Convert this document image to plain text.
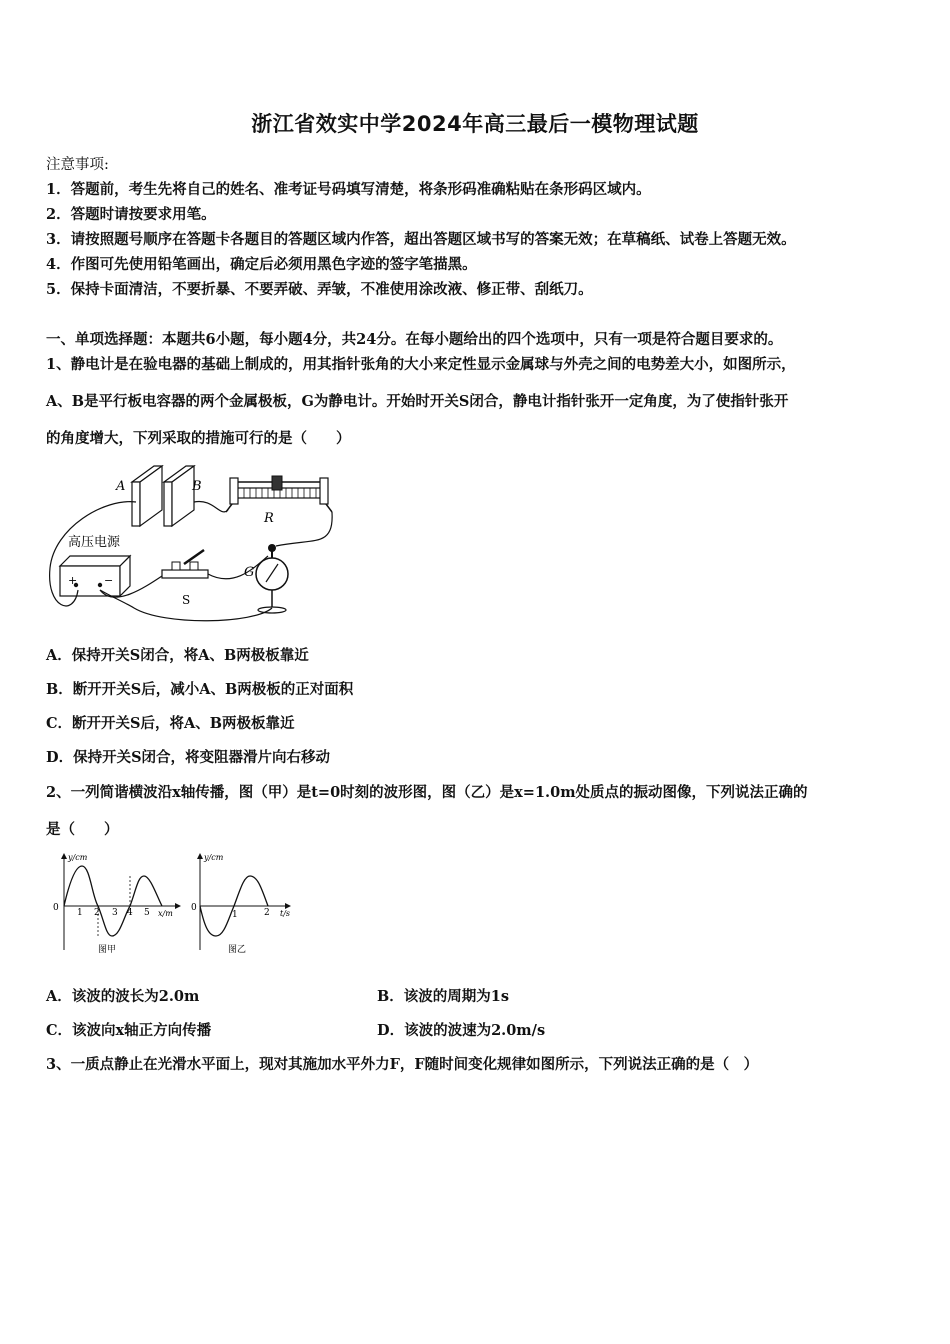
浙江省效实中学2024年高三最后一模物理试题
注意事项:
1．答题前，考生先将自己的姓名、准考证号码填写清楚，将条形码准确粘贴在条形码区域内。
2．答题时请按要求用笔。
3．请按照题号顺序在答题卡各题目的答题区域内作答，超出答题区域书写的答案无效；在草稿纸、试卷上答题无效。
4．作图可先使用铅笔画出，确定后必须用黑色字迹的签字笔描黑。
5．保持卡面清洁，不要折暴、不要弄破、弄皱，不准使用涂改液、修正带、刮纸刀。
一、单项选择题：本题共6小题，每小题4分，共24分。在每小题给出的四个选项中，只有一项是符合题目要求的。
1、静电计是在验电器的基础上制成的，用其指针张角的大小来定性显示金属球与外壳之间的电势差大小，如图所示，
A、B是平行板电容器的两个金属极板，G为静电计。开始时开关S闭合，静电计指针张开一定角度，为了使指针张开
的角度增大，下列采取的措施可行的是（　　）
A	B
R
G
高压电源
+ −
S
A．保持开关S闭合，将A、B两极板靠近
B．断开开关S后，减小A、B两极板的正对面积
C．断开开关S后，将A、B两极板靠近
D．保持开关S闭合，将变阻器滑片向右移动
2、一列简谐横波沿x轴传播，图（甲）是t=0时刻的波形图，图（乙）是x=1.0m处质点的振动图像，下列说法正确的
是（　　）
y/cm
x/m
0 1 2 3 4 5
图甲
y/cm
t/s
0
1	2
图乙
A．该波的波长为2.0m	B．该波的周期为1s
C．该波向x轴正方向传播	D．该波的波速为2.0m/s
3、一质点静止在光滑水平面上，现对其施加水平外力F，F随时间变化规律如图所示，下列说法正确的是（　）
